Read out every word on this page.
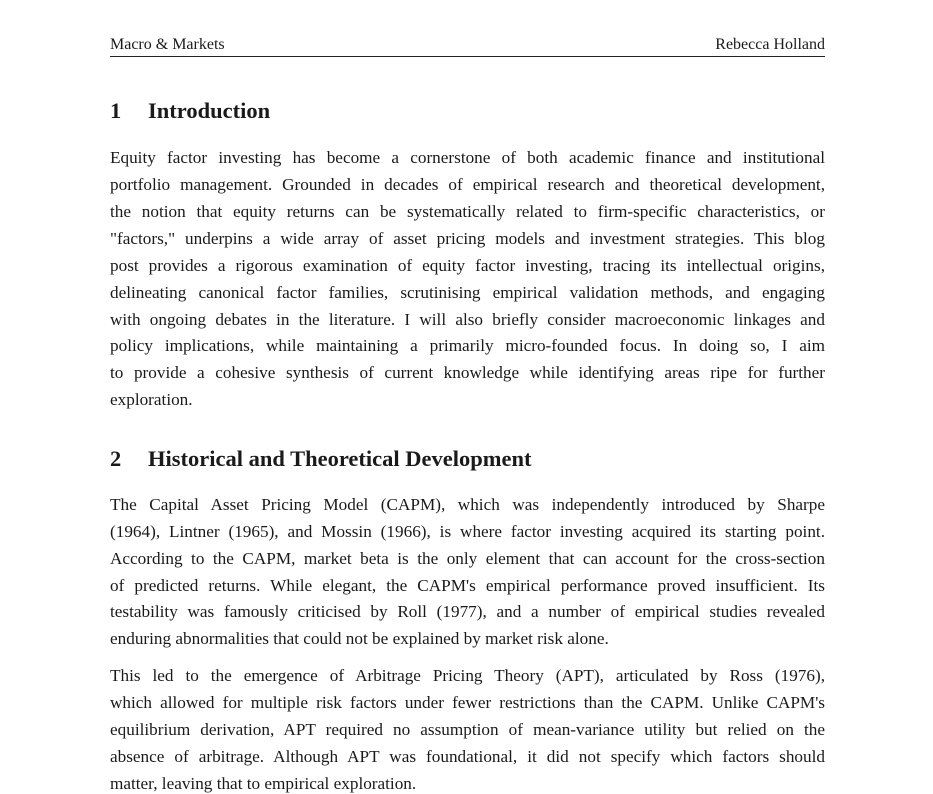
Macro & Markets	Rebecca Holland
1 Introduction
Equity factor investing has become a cornerstone of both academic finance and institutional
portfolio management. Grounded in decades of empirical research and theoretical development,
the notion that equity returns can be systematically related to firm-specific characteristics, or
"factors," underpins a wide array of asset pricing models and investment strategies. This blog
post provides a rigorous examination of equity factor investing, tracing its intellectual origins,
delineating canonical factor families, scrutinising empirical validation methods, and engaging
with ongoing debates in the literature. I will also briefly consider macroeconomic linkages and
policy implications, while maintaining a primarily micro-founded focus. In doing so, I aim
to provide a cohesive synthesis of current knowledge while identifying areas ripe for further
exploration.
2 Historical and Theoretical Development
The Capital Asset Pricing Model (CAPM), which was independently introduced by Sharpe
(1964), Lintner (1965), and Mossin (1966), is where factor investing acquired its starting point.
According to the CAPM, market beta is the only element that can account for the cross-section
of predicted returns. While elegant, the CAPM's empirical performance proved insufficient. Its
testability was famously criticised by Roll (1977), and a number of empirical studies revealed
enduring abnormalities that could not be explained by market risk alone.
This led to the emergence of Arbitrage Pricing Theory (APT), articulated by Ross (1976),
which allowed for multiple risk factors under fewer restrictions than the CAPM. Unlike CAPM's
equilibrium derivation, APT required no assumption of mean-variance utility but relied on the
absence of arbitrage. Although APT was foundational, it did not specify which factors should
matter, leaving that to empirical exploration.
